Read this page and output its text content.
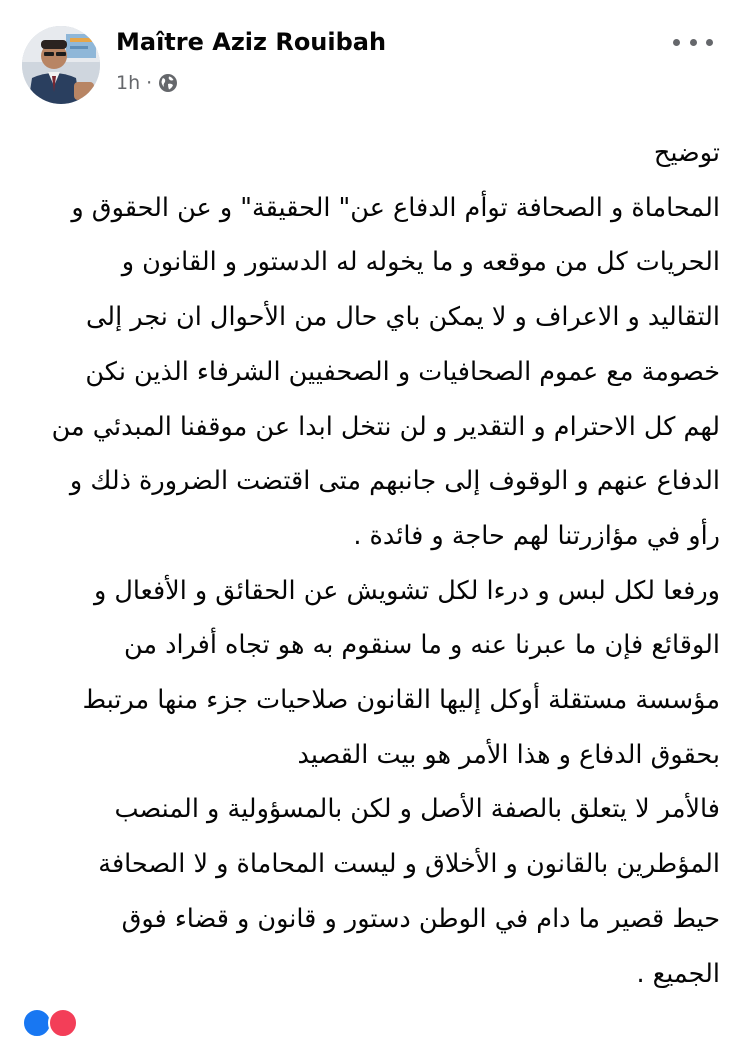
Maître Aziz Rouibah
1h ·

توضيح

المحاماة و الصحافة توأم الدفاع عن" الحقيقة" و عن الحقوق و

الحريات كل من موقعه و ما يخوله له الدستور و القانون و

التقاليد و الاعراف و لا يمكن باي حال من الأحوال ان نجر إلى

خصومة مع عموم الصحافيات و الصحفيين الشرفاء الذين نكن

لهم كل الاحترام و التقدير و لن نتخل ابدا عن موقفنا المبدئي من

الدفاع عنهم و الوقوف إلى جانبهم متى اقتضت الضرورة ذلك و

رأو في مؤازرتنا لهم حاجة و فائدة .

ورفعا لكل لبس و درءا لكل تشويش عن الحقائق و الأفعال و

الوقائع فإن ما عبرنا عنه و ما سنقوم به هو تجاه أفراد من

مؤسسة مستقلة أوكل إليها القانون صلاحيات جزء منها مرتبط

بحقوق الدفاع و هذا الأمر هو بيت القصيد

فالأمر لا يتعلق بالصفة الأصل و لكن بالمسؤولية و المنصب

المؤطرين بالقانون و الأخلاق و ليست المحاماة و لا الصحافة

حيط قصير ما دام في الوطن دستور و قانون و قضاء فوق

الجميع .
